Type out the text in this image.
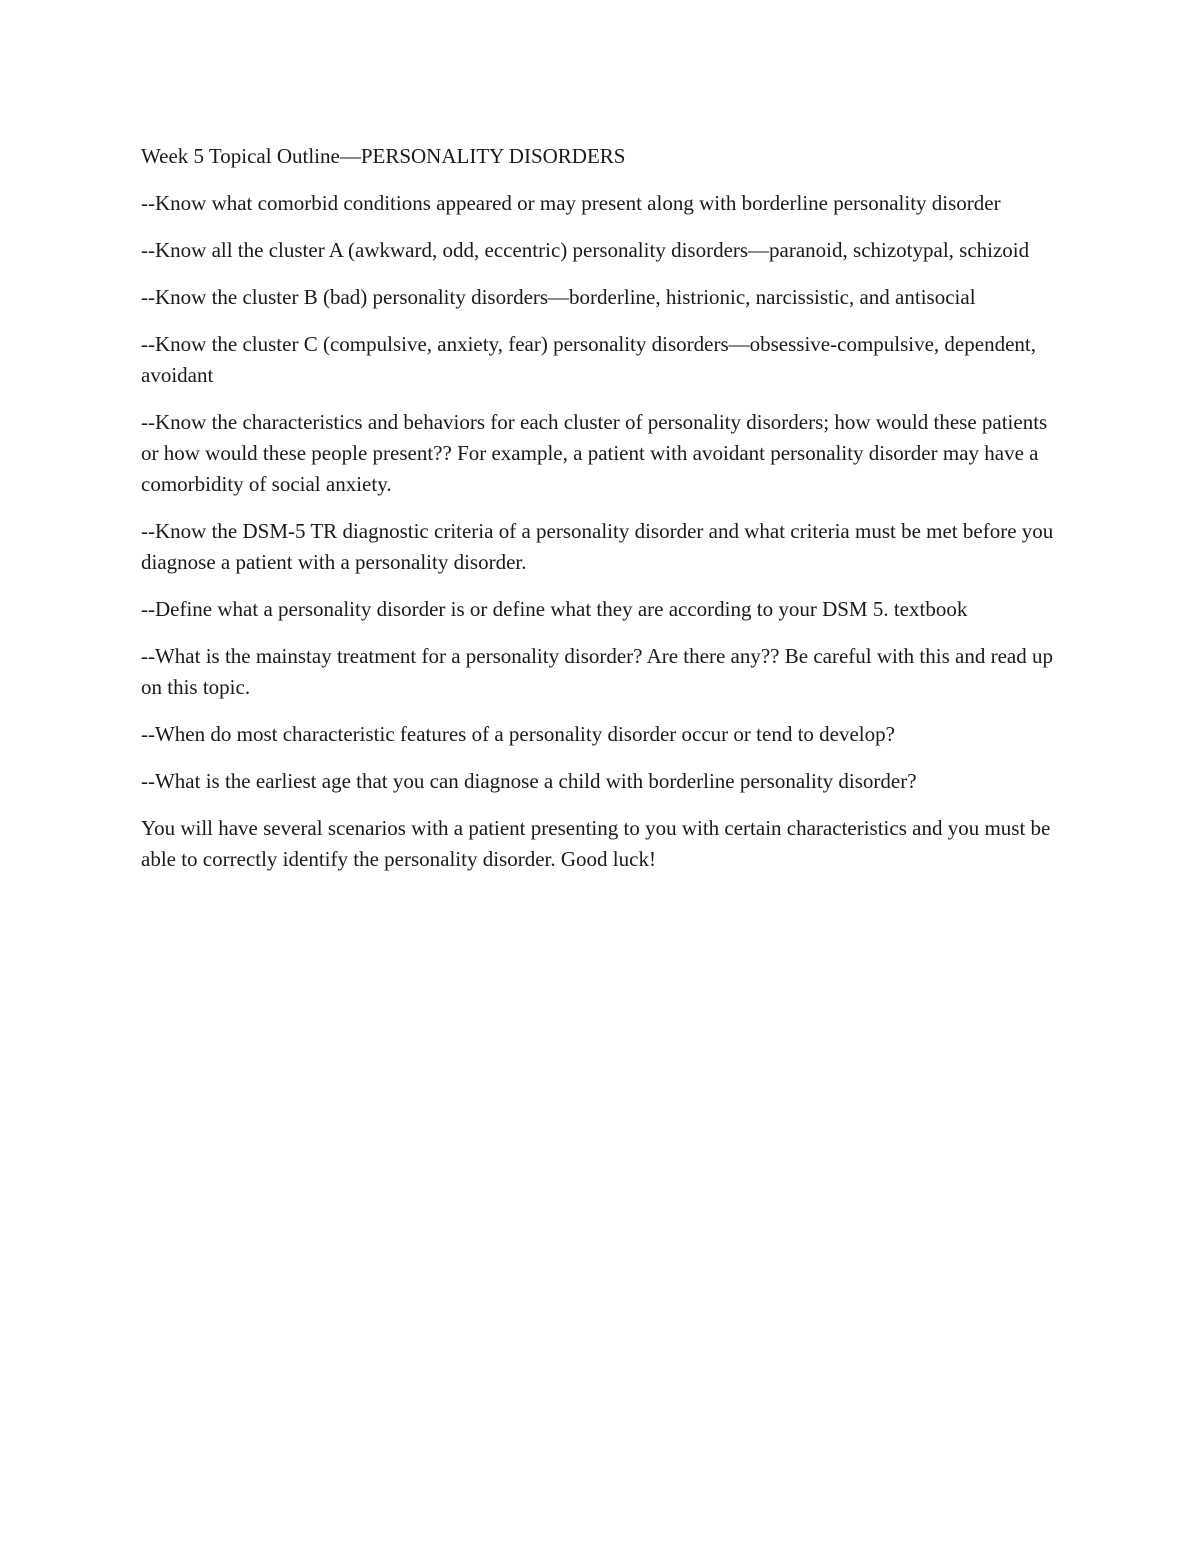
Week 5 Topical Outline—PERSONALITY DISORDERS

--Know what comorbid conditions appeared or may present along with borderline personality disorder

--Know all the cluster A (awkward, odd, eccentric) personality disorders—paranoid, schizotypal, schizoid

--Know the cluster B (bad) personality disorders—borderline, histrionic, narcissistic, and antisocial

--Know the cluster C (compulsive, anxiety, fear) personality disorders—obsessive-compulsive, dependent, avoidant

--Know the characteristics and behaviors for each cluster of personality disorders; how would these patients or how would these people present?? For example, a patient with avoidant personality disorder may have a comorbidity of social anxiety.

--Know the DSM-5 TR diagnostic criteria of a personality disorder and what criteria must be met before you diagnose a patient with a personality disorder.

--Define what a personality disorder is or define what they are according to your DSM 5. textbook

--What is the mainstay treatment for a personality disorder? Are there any?? Be careful with this and read up on this topic.

--When do most characteristic features of a personality disorder occur or tend to develop?

--What is the earliest age that you can diagnose a child with borderline personality disorder?

You will have several scenarios with a patient presenting to you with certain characteristics and you must be able to correctly identify the personality disorder. Good luck!
